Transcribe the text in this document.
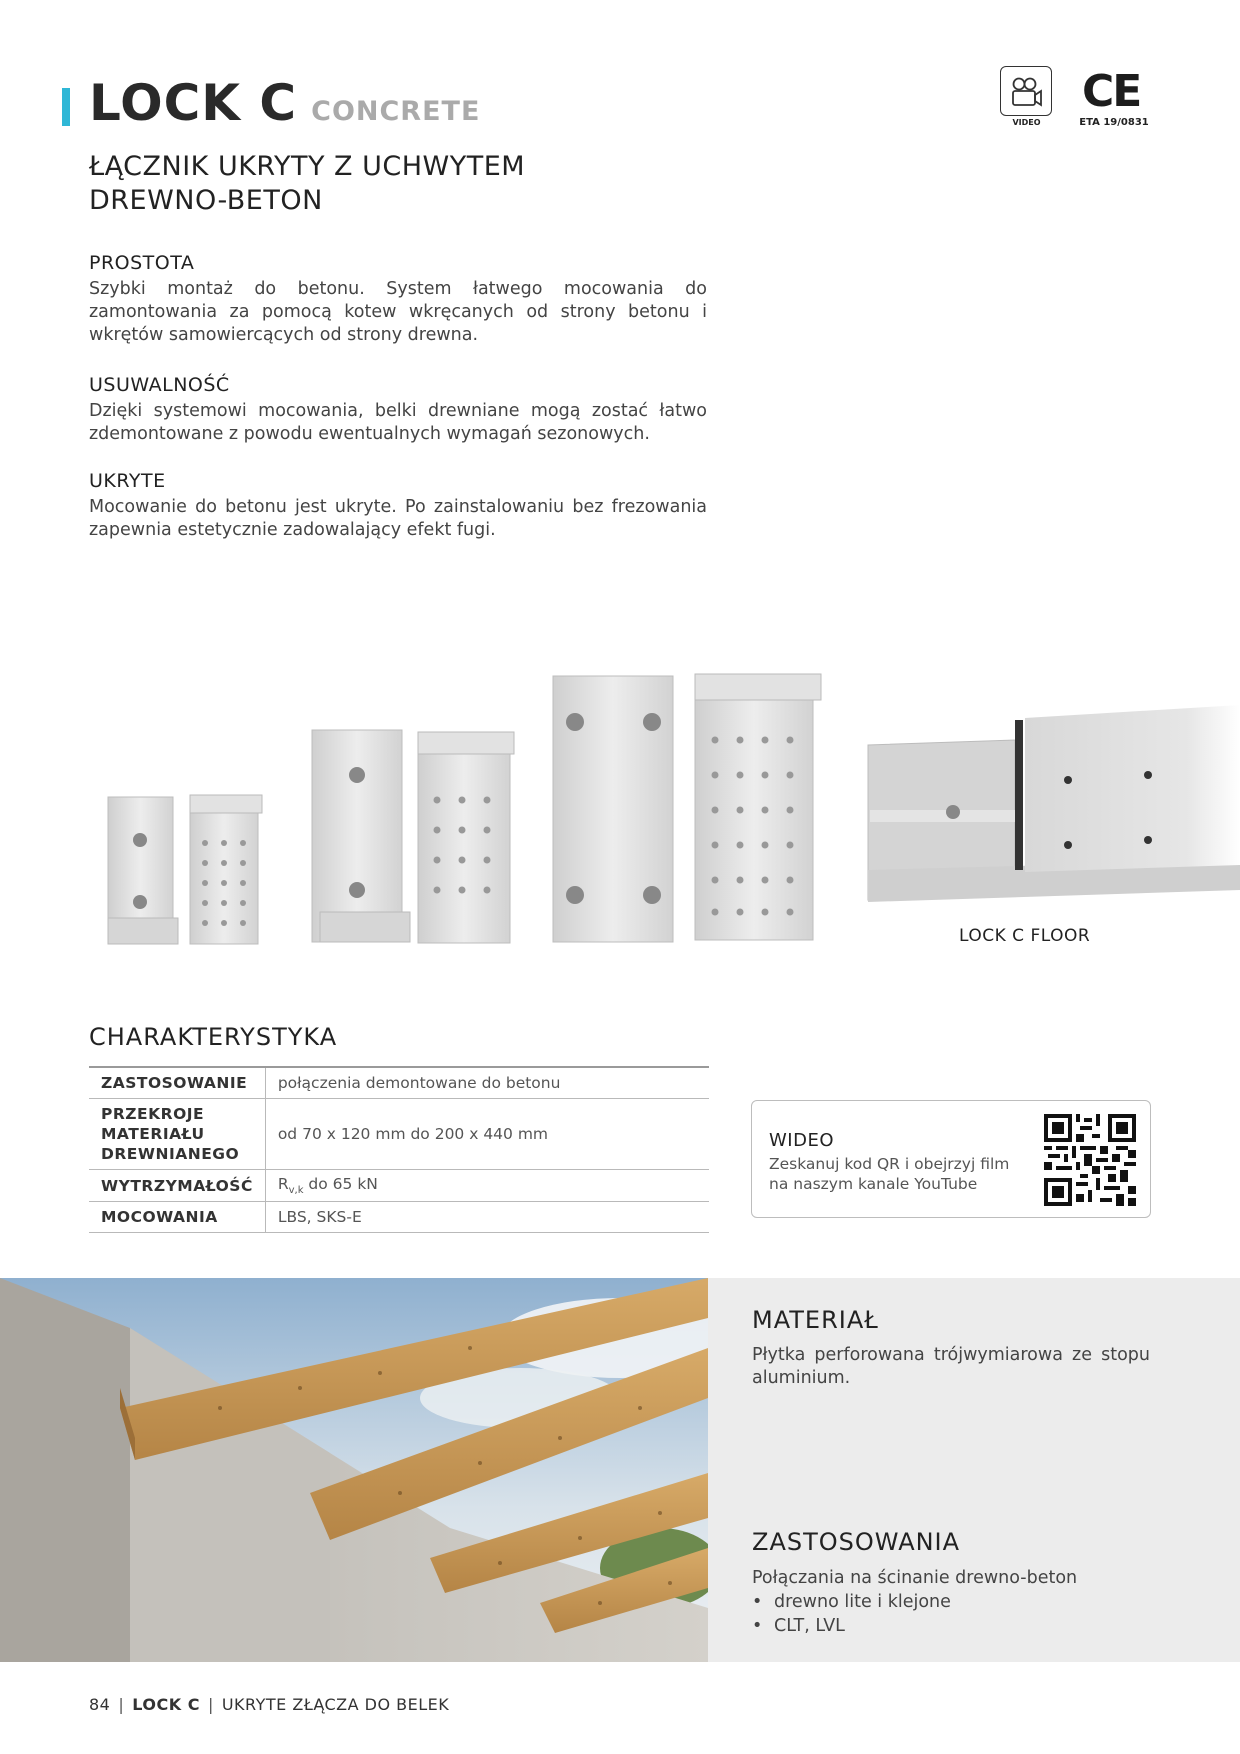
LOCK C CONCRETE
ŁĄCZNIK UKRYTY Z UCHWYTEM DREWNO-BETON
VIDEO
CE
ETA 19/0831
PROSTOTA
Szybki montaż do betonu. System łatwego mocowania do zamontowania za pomocą kotew wkręcanych od strony betonu i wkrętów samowiercących od strony drewna.
USUWALNOŚĆ
Dzięki systemowi mocowania, belki drewniane mogą zostać łatwo zdemontowane z powodu ewentualnych wymagań sezonowych.
UKRYTE
Mocowanie do betonu jest ukryte. Po zainstalowaniu bez frezowania zapewnia estetycznie zadowalający efekt fugi.
LOCK C FLOOR
CHARAKTERYSTYKA
ZASTOSOWANIE	połączenia demontowane do betonu
PRZEKROJE MATERIAŁU DREWNIANEGO	od 70 x 120 mm do 200 x 440 mm
WYTRZYMAŁOŚĆ	$R_{v,k}$ do 65 kN
MOCOWANIA	LBS, SKS-E
WIDEO
Zeskanuj kod QR i obejrzyj film na naszym kanale YouTube
MATERIAŁ
Płytka perforowana trójwymiarowa ze stopu aluminium.
ZASTOSOWANIA
Połączania na ścinanie drewno-beton
• drewno lite i klejone
• CLT, LVL
84 | LOCK C | UKRYTE ZŁĄCZA DO BELEK
